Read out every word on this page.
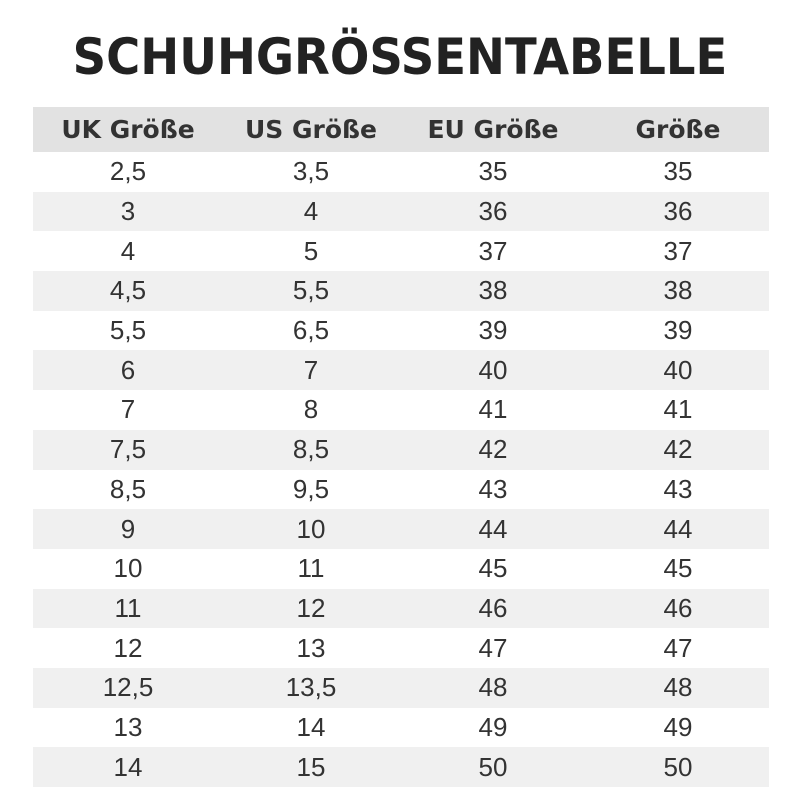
SCHUHGRÖSSENTABELLE
UK Größe	US Größe	EU Größe	Größe
2,5	3,5	35	35
3	4	36	36
4	5	37	37
4,5	5,5	38	38
5,5	6,5	39	39
6	7	40	40
7	8	41	41
7,5	8,5	42	42
8,5	9,5	43	43
9	10	44	44
10	11	45	45
11	12	46	46
12	13	47	47
12,5	13,5	48	48
13	14	49	49
14	15	50	50
